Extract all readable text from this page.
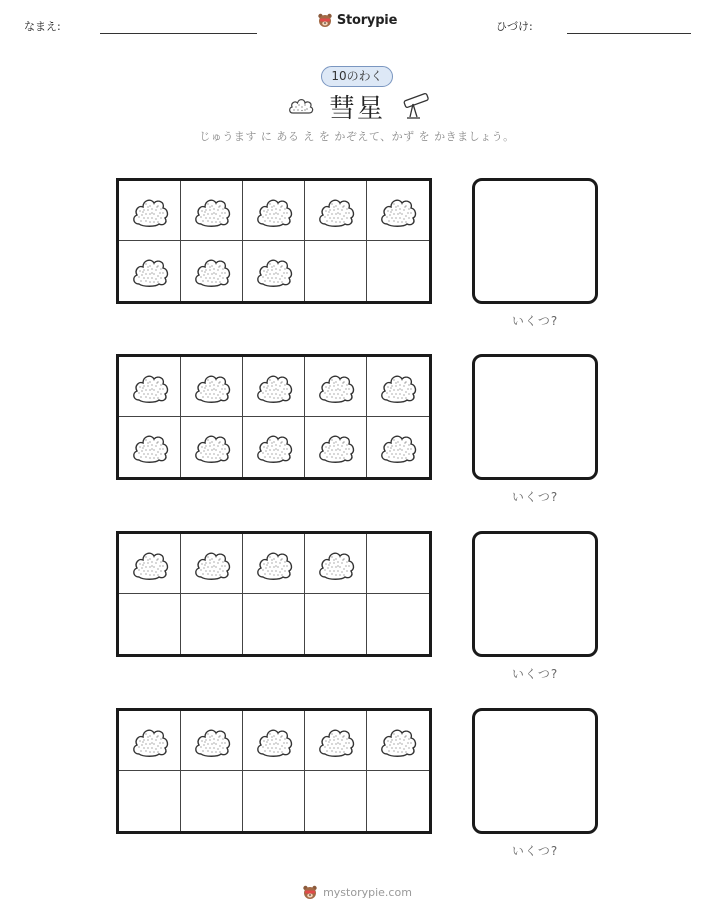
なまえ:	Storypie	ひづけ:
10のわく
彗星
じゅうます に ある え を かぞえて、かず を かきましょう。
いくつ?
いくつ?
いくつ?
いくつ?
mystorypie.com
